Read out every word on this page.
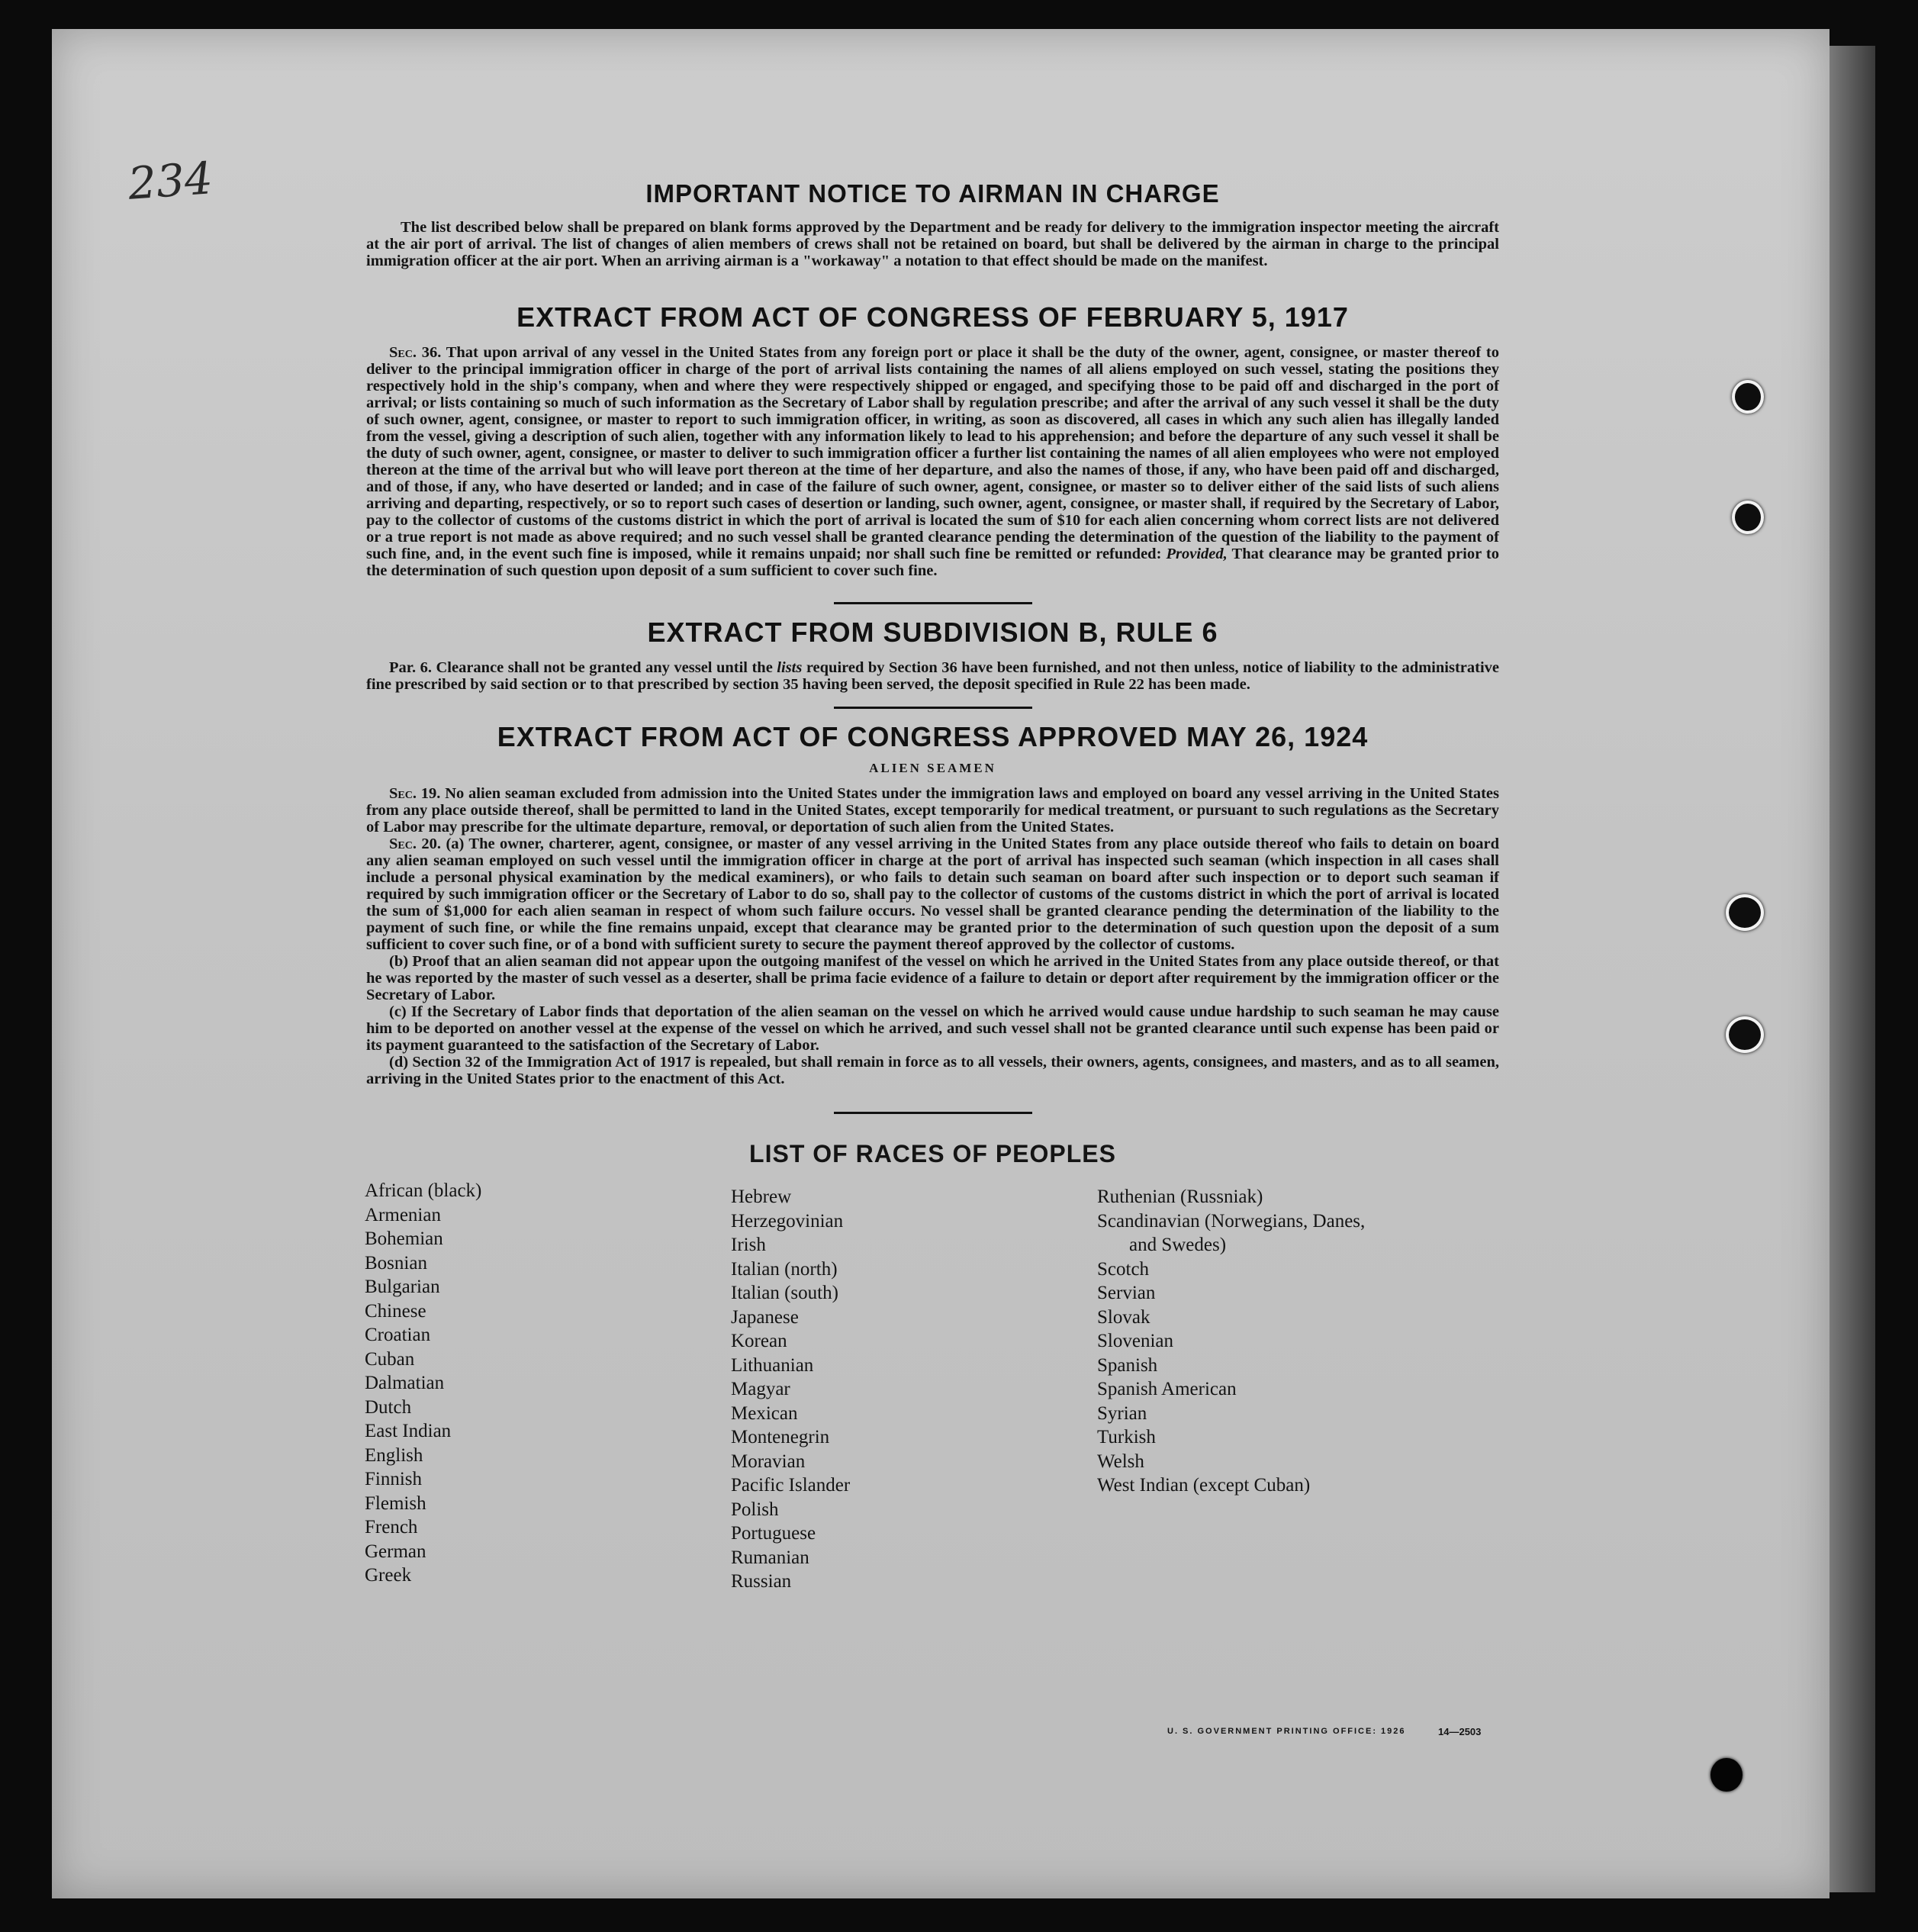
234	IMPORTANT NOTICE TO AIRMAN IN CHARGE

The list described below shall be prepared on blank forms approved by the Department and be ready for delivery to the immigration inspector meeting the aircraft at the air port of arrival. The list of changes of alien members of crews shall not be retained on board, but shall be delivered by the airman in charge to the principal immigration officer at the air port. When an arriving airman is a "workaway" a notation to that effect should be made on the manifest.

EXTRACT FROM ACT OF CONGRESS OF FEBRUARY 5, 1917

Sec. 36. That upon arrival of any vessel in the United States from any foreign port or place it shall be the duty of the owner, agent, consignee, or master thereof to deliver to the principal immigration officer in charge of the port of arrival lists containing the names of all aliens employed on such vessel, stating the positions they respectively hold in the ship's company, when and where they were respectively shipped or engaged, and specifying those to be paid off and discharged in the port of arrival; or lists containing so much of such information as the Secretary of Labor shall by regulation prescribe; and after the arrival of any such vessel it shall be the duty of such owner, agent, consignee, or master to report to such immigration officer, in writing, as soon as discovered, all cases in which any such alien has illegally landed from the vessel, giving a description of such alien, together with any information likely to lead to his apprehension; and before the departure of any such vessel it shall be the duty of such owner, agent, consignee, or master to deliver to such immigration officer a further list containing the names of all alien employees who were not employed thereon at the time of the arrival but who will leave port thereon at the time of her departure, and also the names of those, if any, who have been paid off and discharged, and of those, if any, who have deserted or landed; and in case of the failure of such owner, agent, consignee, or master so to deliver either of the said lists of such aliens arriving and departing, respectively, or so to report such cases of desertion or landing, such owner, agent, consignee, or master shall, if required by the Secretary of Labor, pay to the collector of customs of the customs district in which the port of arrival is located the sum of $10 for each alien concerning whom correct lists are not delivered or a true report is not made as above required; and no such vessel shall be granted clearance pending the determination of the question of the liability to the payment of such fine, and, in the event such fine is imposed, while it remains unpaid; nor shall such fine be remitted or refunded: Provided, That clearance may be granted prior to the determination of such question upon deposit of a sum sufficient to cover such fine.

EXTRACT FROM SUBDIVISION B, RULE 6

Par. 6. Clearance shall not be granted any vessel until the lists required by Section 36 have been furnished, and not then unless, notice of liability to the administrative fine prescribed by said section or to that prescribed by section 35 having been served, the deposit specified in Rule 22 has been made.

EXTRACT FROM ACT OF CONGRESS APPROVED MAY 26, 1924
ALIEN SEAMEN

Sec. 19. No alien seaman excluded from admission into the United States under the immigration laws and employed on board any vessel arriving in the United States from any place outside thereof, shall be permitted to land in the United States, except temporarily for medical treatment, or pursuant to such regulations as the Secretary of Labor may prescribe for the ultimate departure, removal, or deportation of such alien from the United States.

Sec. 20. (a) The owner, charterer, agent, consignee, or master of any vessel arriving in the United States from any place outside thereof who fails to detain on board any alien seaman employed on such vessel until the immigration officer in charge at the port of arrival has inspected such seaman (which inspection in all cases shall include a personal physical examination by the medical examiners), or who fails to detain such seaman on board after such inspection or to deport such seaman if required by such immigration officer or the Secretary of Labor to do so, shall pay to the collector of customs of the customs district in which the port of arrival is located the sum of $1,000 for each alien seaman in respect of whom such failure occurs. No vessel shall be granted clearance pending the determination of the liability to the payment of such fine, or while the fine remains unpaid, except that clearance may be granted prior to the determination of such question upon the deposit of a sum sufficient to cover such fine, or of a bond with sufficient surety to secure the payment thereof approved by the collector of customs.

(b) Proof that an alien seaman did not appear upon the outgoing manifest of the vessel on which he arrived in the United States from any place outside thereof, or that he was reported by the master of such vessel as a deserter, shall be prima facie evidence of a failure to detain or deport after requirement by the immigration officer or the Secretary of Labor.

(c) If the Secretary of Labor finds that deportation of the alien seaman on the vessel on which he arrived would cause undue hardship to such seaman he may cause him to be deported on another vessel at the expense of the vessel on which he arrived, and such vessel shall not be granted clearance until such expense has been paid or its payment guaranteed to the satisfaction of the Secretary of Labor.

(d) Section 32 of the Immigration Act of 1917 is repealed, but shall remain in force as to all vessels, their owners, agents, consignees, and masters, and as to all seamen, arriving in the United States prior to the enactment of this Act.

LIST OF RACES OF PEOPLES
African (black)
Armenian
Bohemian
Bosnian
Bulgarian
Chinese
Croatian
Cuban
Dalmatian
Dutch
East Indian
English
Finnish
Flemish
French
German
Greek
Hebrew
Herzegovinian
Irish
Italian (north)
Italian (south)
Japanese
Korean
Lithuanian
Magyar
Mexican
Montenegrin
Moravian
Pacific Islander
Polish
Portuguese
Rumanian
Russian
Ruthenian (Russniak)
Scandinavian (Norwegians, Danes,
and Swedes)
Scotch
Servian
Slovak
Slovenian
Spanish
Spanish American
Syrian
Turkish
Welsh
West Indian (except Cuban)
U. S. GOVERNMENT PRINTING OFFICE: 1926	14—2503
